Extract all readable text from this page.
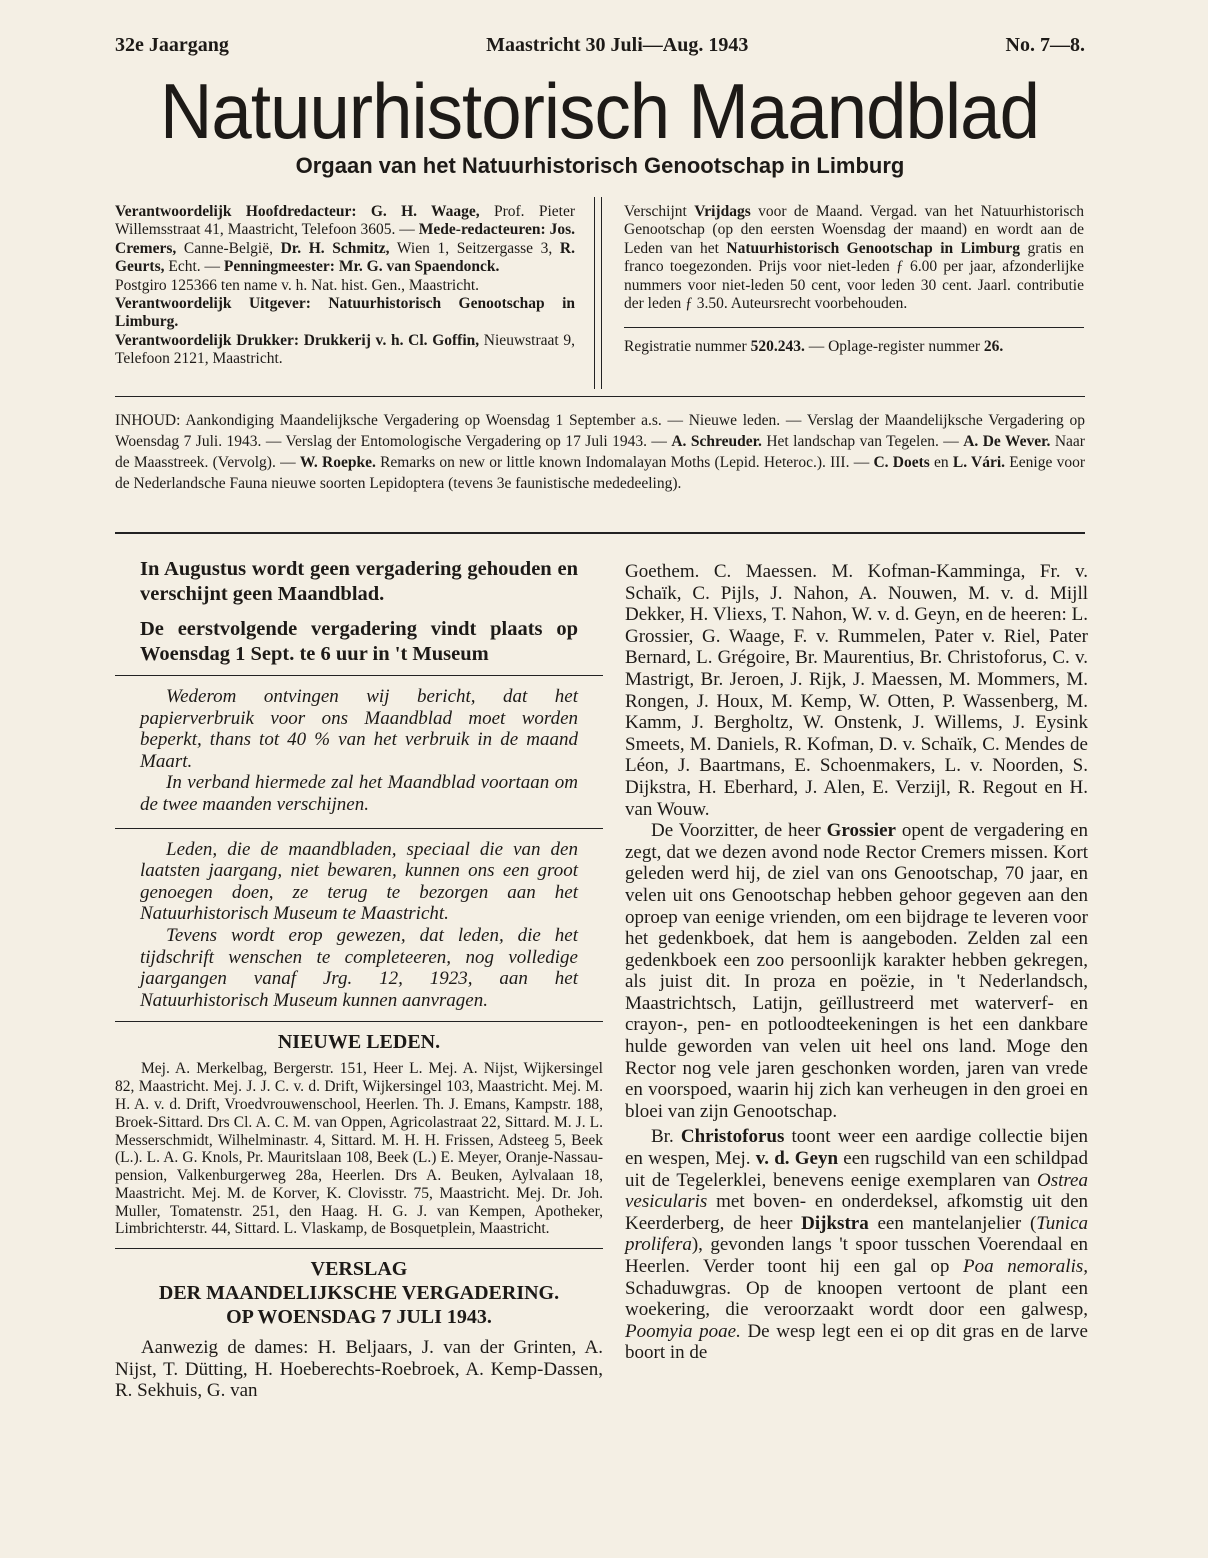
32e Jaargang	Maastricht 30 Juli—Aug. 1943	No. 7—8.
Natuurhistorisch Maandblad
Orgaan van het Natuurhistorisch Genootschap in Limburg

Verantwoordelijk Hoofdredacteur: G. H. Waage, Prof. Pieter Willemsstraat 41, Maastricht, Telefoon 3605. — Mede-redacteuren: Jos. Cremers, Canne-België, Dr. H. Schmitz, Wien 1, Seitzergasse 3, R. Geurts, Echt. — Penningmeester: Mr. G. van Spaendonck.

Postgiro 125366 ten name v. h. Nat. hist. Gen., Maastricht.

Verantwoordelijk Uitgever: Natuurhistorisch Genootschap in Limburg.

Verantwoordelijk Drukker: Drukkerij v. h. Cl. Goffin, Nieuwstraat 9, Telefoon 2121, Maastricht.

Verschijnt Vrijdags voor de Maand. Vergad. van het Natuurhistorisch Genootschap (op den eersten Woensdag der maand) en wordt aan de Leden van het Natuurhistorisch Genootschap in Limburg gratis en franco toegezonden. Prijs voor niet-leden ƒ 6.00 per jaar, afzonderlijke nummers voor niet-leden 50 cent, voor leden 30 cent. Jaarl. contributie der leden ƒ 3.50. Auteursrecht voorbehouden.

Registratie nummer 520.243. — Oplage-register nummer 26.

INHOUD: Aankondiging Maandelijksche Vergadering op Woensdag 1 September a.s. — Nieuwe leden. — Verslag der Maandelijksche Vergadering op Woensdag 7 Juli. 1943. — Verslag der Entomologische Vergadering op 17 Juli 1943. — A. Schreuder. Het landschap van Tegelen. — A. De Wever. Naar de Maasstreek. (Vervolg). — W. Roepke. Remarks on new or little known Indomalayan Moths (Lepid. Heteroc.). III. — C. Doets en L. Vári. Eenige voor de Nederlandsche Fauna nieuwe soorten Lepidoptera (tevens 3e faunistische mededeeling).

In Augustus wordt geen vergadering gehouden en verschijnt geen Maandblad.

De eerstvolgende vergadering vindt plaats op Woensdag 1 Sept. te 6 uur in 't Museum

Wederom ontvingen wij bericht, dat het papierverbruik voor ons Maandblad moet worden beperkt, thans tot 40 % van het verbruik in de maand Maart.

In verband hiermede zal het Maandblad voortaan om de twee maanden verschijnen.

Leden, die de maandbladen, speciaal die van den laatsten jaargang, niet bewaren, kunnen ons een groot genoegen doen, ze terug te bezorgen aan het Natuurhistorisch Museum te Maastricht.

Tevens wordt erop gewezen, dat leden, die het tijdschrift wenschen te completeeren, nog volledige jaargangen vanaf Jrg. 12, 1923, aan het Natuurhistorisch Museum kunnen aanvragen.

NIEUWE LEDEN.

Mej. A. Merkelbag, Bergerstr. 151, Heer L. Mej. A. Nijst, Wijkersingel 82, Maastricht. Mej. J. J. C. v. d. Drift, Wijkersingel 103, Maastricht. Mej. M. H. A. v. d. Drift, Vroedvrouwenschool, Heerlen. Th. J. Emans, Kampstr. 188, Broek-Sittard. Drs Cl. A. C. M. van Oppen, Agricolastraat 22, Sittard. M. J. L. Messerschmidt, Wilhelminastr. 4, Sittard. M. H. H. Frissen, Adsteeg 5, Beek (L.). L. A. G. Knols, Pr. Mauritslaan 108, Beek (L.) E. Meyer, Oranje-Nassau-pension, Valkenburgerweg 28a, Heerlen. Drs A. Beuken, Aylvalaan 18, Maastricht. Mej. M. de Korver, K. Clovisstr. 75, Maastricht. Mej. Dr. Joh. Muller, Tomatenstr. 251, den Haag. H. G. J. van Kempen, Apotheker, Limbrichterstr. 44, Sittard. L. Vlaskamp, de Bosquetplein, Maastricht.

VERSLAG
DER MAANDELIJKSCHE VERGADERING.
OP WOENSDAG 7 JULI 1943.

Aanwezig de dames: H. Beljaars, J. van der Grinten, A. Nijst, T. Dütting, H. Hoeberechts-Roebroek, A. Kemp-Dassen, R. Sekhuis, G. van

Goethem. C. Maessen. M. Kofman-Kamminga, Fr. v. Schaïk, C. Pijls, J. Nahon, A. Nouwen, M. v. d. Mijll Dekker, H. Vliexs, T. Nahon, W. v. d. Geyn, en de heeren: L. Grossier, G. Waage, F. v. Rummelen, Pater v. Riel, Pater Bernard, L. Grégoire, Br. Maurentius, Br. Christoforus, C. v. Mastrigt, Br. Jeroen, J. Rijk, J. Maessen, M. Mommers, M. Rongen, J. Houx, M. Kemp, W. Otten, P. Wassenberg, M. Kamm, J. Bergholtz, W. Onstenk, J. Willems, J. Eysink Smeets, M. Daniels, R. Kofman, D. v. Schaïk, C. Mendes de Léon, J. Baartmans, E. Schoenmakers, L. v. Noorden, S. Dijkstra, H. Eberhard, J. Alen, E. Verzijl, R. Regout en H. van Wouw.

De Voorzitter, de heer Grossier opent de vergadering en zegt, dat we dezen avond node Rector Cremers missen. Kort geleden werd hij, de ziel van ons Genootschap, 70 jaar, en velen uit ons Genootschap hebben gehoor gegeven aan den oproep van eenige vrienden, om een bijdrage te leveren voor het gedenkboek, dat hem is aangeboden. Zelden zal een gedenkboek een zoo persoonlijk karakter hebben gekregen, als juist dit. In proza en poëzie, in 't Nederlandsch, Maastrichtsch, Latijn, geïllustreerd met waterverf- en crayon-, pen- en potloodteekeningen is het een dankbare hulde geworden van velen uit heel ons land. Moge den Rector nog vele jaren geschonken worden, jaren van vrede en voorspoed, waarin hij zich kan verheugen in den groei en bloei van zijn Genootschap.

Br. Christoforus toont weer een aardige collectie bijen en wespen, Mej. v. d. Geyn een rugschild van een schildpad uit de Tegelerklei, benevens eenige exemplaren van Ostrea vesicularis met boven- en onderdeksel, afkomstig uit den Keerderberg, de heer Dijkstra een mantelanjelier (Tunica prolifera), gevonden langs 't spoor tusschen Voerendaal en Heerlen. Verder toont hij een gal op Poa nemoralis, Schaduwgras. Op de knoopen vertoont de plant een woekering, die veroorzaakt wordt door een galwesp, Poomyia poae. De wesp legt een ei op dit gras en de larve boort in de
